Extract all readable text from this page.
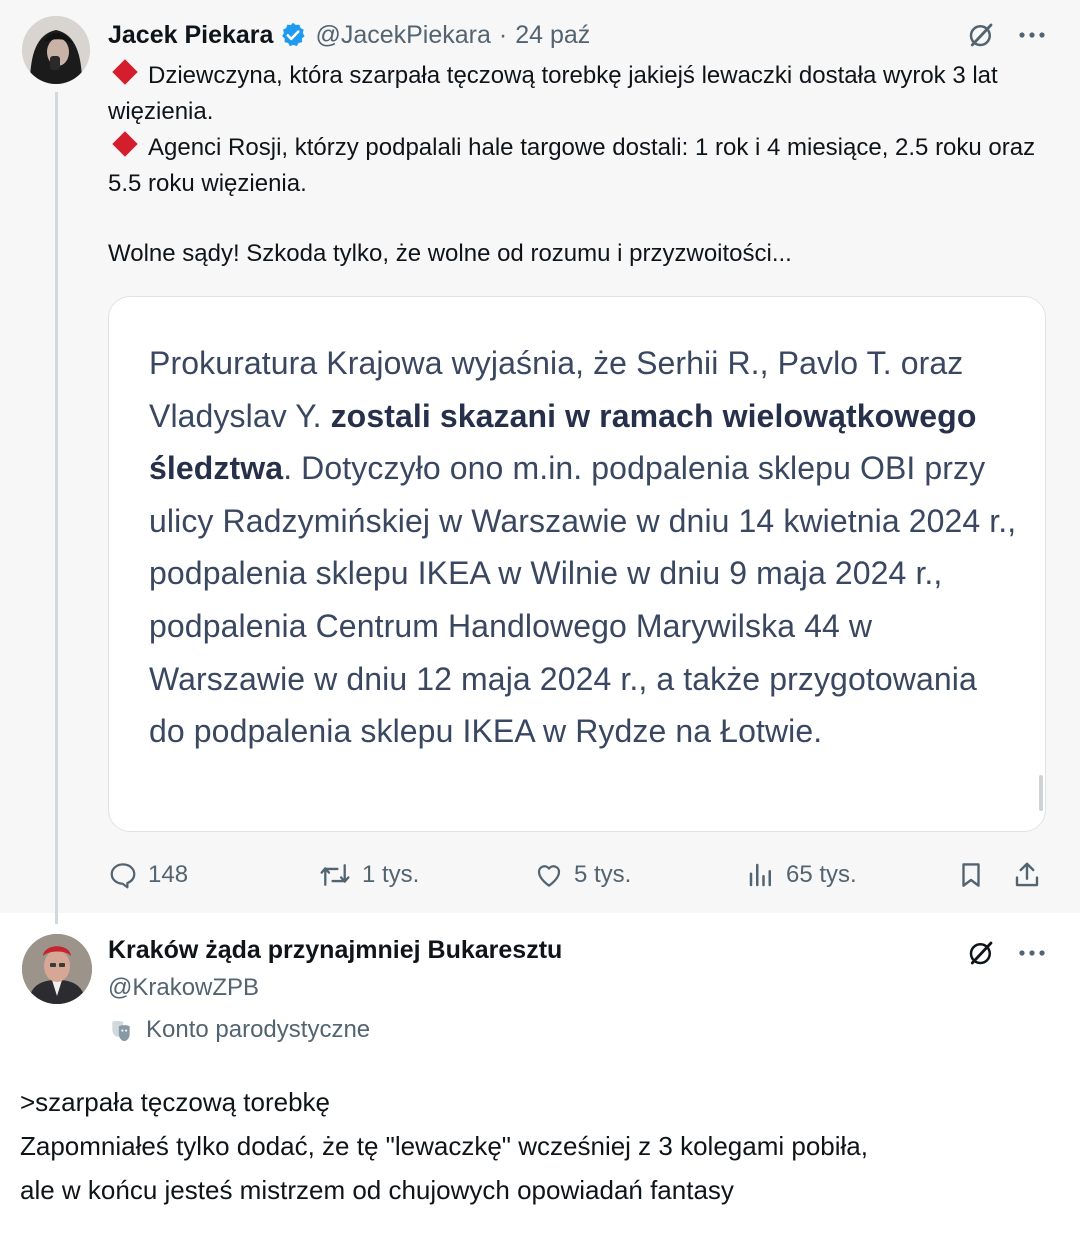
Jacek Piekara @JacekPiekara · 24 paź

Dziewczyna, która szarpała tęczową torebkę jakiejś lewaczki dostała wyrok 3 lat więzienia.

Agenci Rosji, którzy podpalali hale targowe dostali: 1 rok i 4 miesiące, 2.5 roku oraz 5.5 roku więzienia.

Wolne sądy! Szkoda tylko, że wolne od rozumu i przyzwoitości...

Prokuratura Krajowa wyjaśnia, że Serhii R., Pavlo T. oraz Vladyslav Y. zostali skazani w ramach wielowątkowego śledztwa. Dotyczyło ono m.in. podpalenia sklepu OBI przy ulicy Radzymińskiej w Warszawie w dniu 14 kwietnia 2024 r., podpalenia sklepu IKEA w Wilnie w dniu 9 maja 2024 r., podpalenia Centrum Handlowego Marywilska 44 w Warszawie w dniu 12 maja 2024 r., a także przygotowania do podpalenia sklepu IKEA w Rydze na Łotwie.
148	1 tys.	5 tys.	65 tys.
Kraków żąda przynajmniej Bukaresztu
@KrakowZPB
Konto parodystyczne

>szarpała tęczową torebkę

Zapomniałeś tylko dodać, że tę "lewaczkę" wcześniej z 3 kolegami pobiła,

ale w końcu jesteś mistrzem od chujowych opowiadań fantasy
